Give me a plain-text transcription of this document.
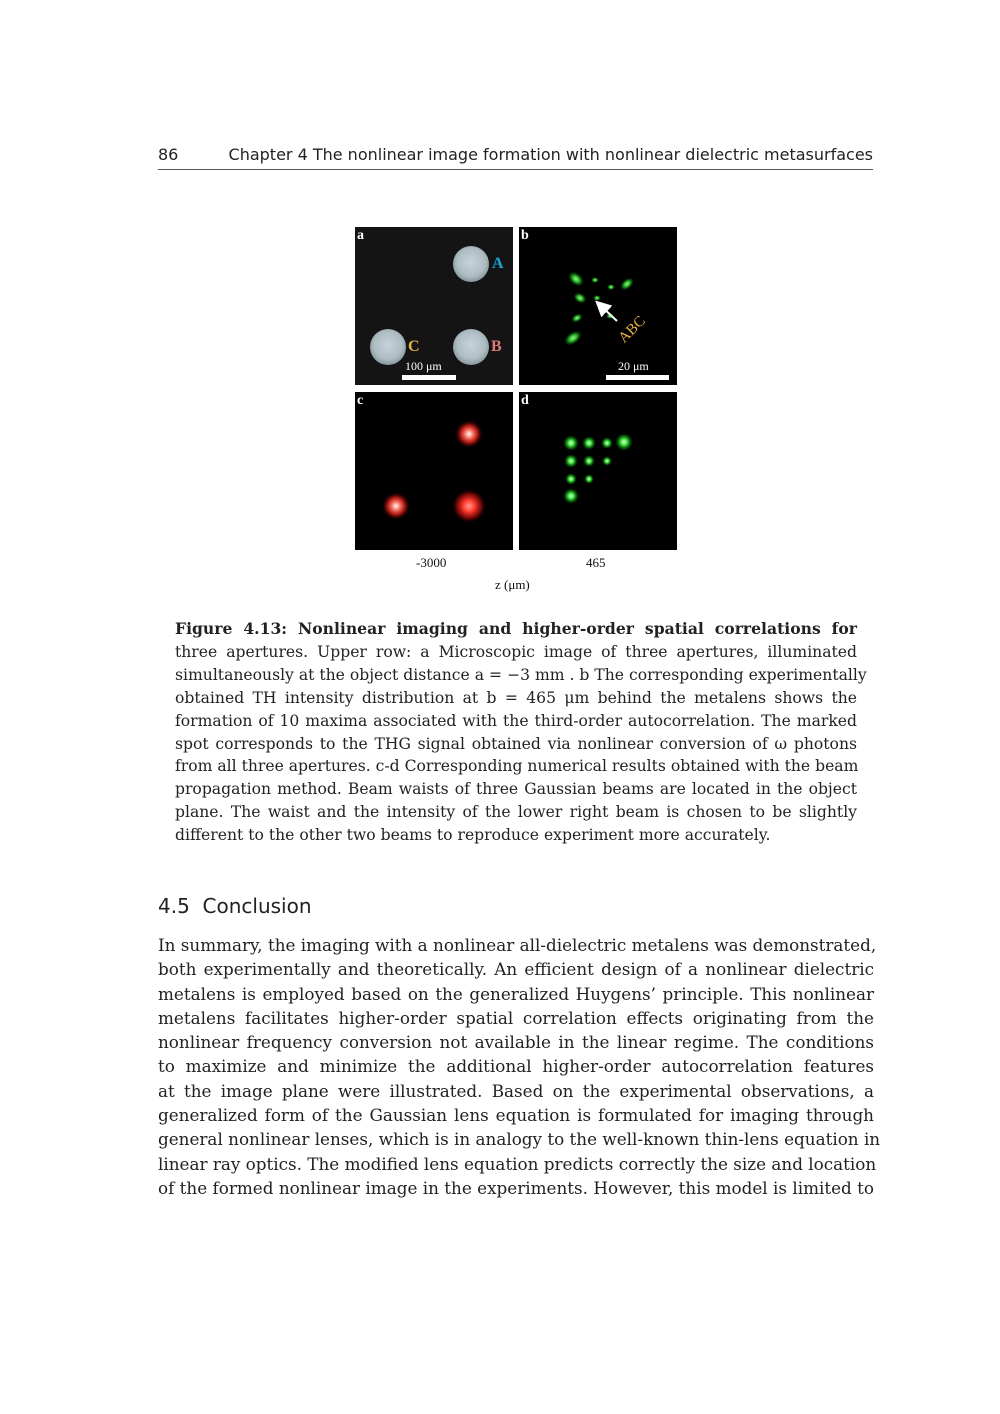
86	Chapter 4 The nonlinear image formation with nonlinear dielectric metasurfaces
a
A
B
C
100 μm
ABC
b
20 μm
c	d
-3000	465
z (μm)
Figure 4.13: Nonlinear imaging and higher-order spatial correlations for
three apertures. Upper row: a Microscopic image of three apertures, illuminated
simultaneously at the object distance a = −3 mm . b The corresponding experimentally
obtained TH intensity distribution at b = 465 μm behind the metalens shows the
formation of 10 maxima associated with the third-order autocorrelation. The marked
spot corresponds to the THG signal obtained via nonlinear conversion of ω photons
from all three apertures. c-d Corresponding numerical results obtained with the beam
propagation method. Beam waists of three Gaussian beams are located in the object
plane. The waist and the intensity of the lower right beam is chosen to be slightly
different to the other two beams to reproduce experiment more accurately.
4.5 Conclusion
In summary, the imaging with a nonlinear all-dielectric metalens was demonstrated,
both experimentally and theoretically. An efficient design of a nonlinear dielectric
metalens is employed based on the generalized Huygens’ principle. This nonlinear
metalens facilitates higher-order spatial correlation effects originating from the
nonlinear frequency conversion not available in the linear regime. The conditions
to maximize and minimize the additional higher-order autocorrelation features
at the image plane were illustrated. Based on the experimental observations, a
generalized form of the Gaussian lens equation is formulated for imaging through
general nonlinear lenses, which is in analogy to the well-known thin-lens equation in
linear ray optics. The modified lens equation predicts correctly the size and location
of the formed nonlinear image in the experiments. However, this model is limited to
